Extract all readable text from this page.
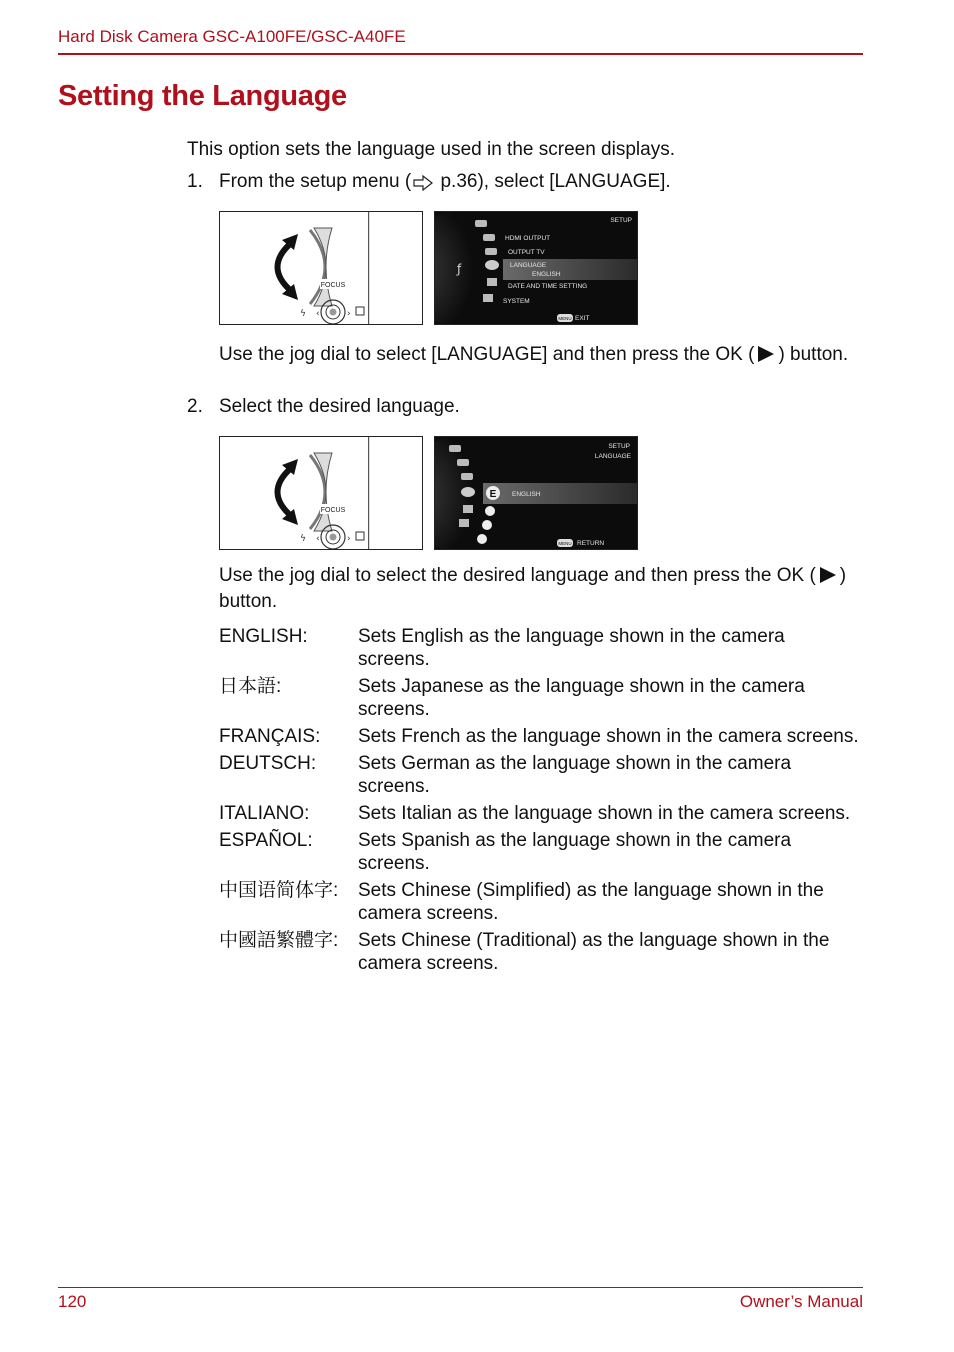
Hard Disk Camera GSC-A100FE/GSC-A40FE
Setting the Language
This option sets the language used in the screen displays.
1. From the setup menu ( p.36), select [LANGUAGE].
FOCUS
‹	›
ϟ
ƒ
SETUP
HDMI OUTPUT
OUTPUT TV
LANGUAGE
ENGLISH
DATE AND TIME SETTING
SYSTEM
MENU EXIT
Use the jog dial to select [LANGUAGE] and then press the OK ( ) button.
2. Select the desired language.
FOCUS
‹	›
ϟ
E
SETUP
LANGUAGE
ENGLISH
MENU RETURN
Use the jog dial to select the desired language and then press the OK ( ) button.
ENGLISH:	Sets English as the language shown in the camera screens.
日本語:	Sets Japanese as the language shown in the camera screens.
FRANÇAIS:	Sets French as the language shown in the camera screens.
DEUTSCH:	Sets German as the language shown in the camera screens.
ITALIANO:	Sets Italian as the language shown in the camera screens.
ESPAÑOL:	Sets Spanish as the language shown in the camera screens.
中国语简体字:	Sets Chinese (Simplified) as the language shown in the camera screens.
中國語繁體字:	Sets Chinese (Traditional) as the language shown in the camera screens.
120	Owner’s Manual
